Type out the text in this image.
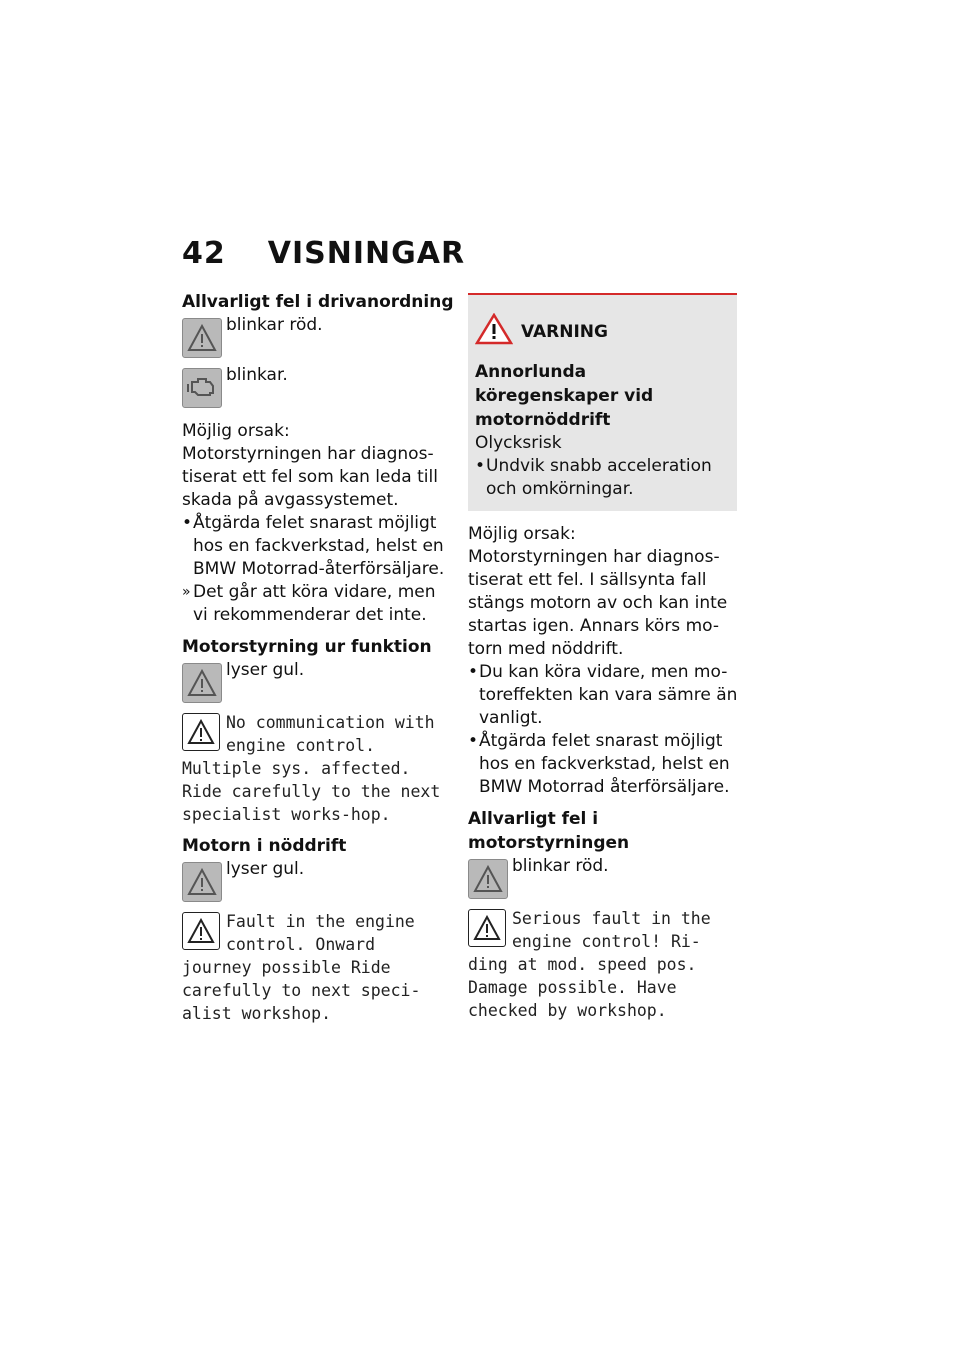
42 VISNINGAR

Allvarligt fel i drivanordning

blinkar röd.
blinkar.

Möjlig orsak:

Motorstyrningen har diagnos-tiserat ett fel som kan leda till skada på avgassystemet.

• Åtgärda felet snarast möjligt hos en fackverkstad, helst en BMW Motorrad-återförsäljare.
» Det går att köra vidare, men vi rekommenderar det inte.

Motorstyrning ur funktion

lyser gul.
No communication with engine control.
Multiple sys. affected. Ride carefully to the next specialist works-hop.

Motorn i nöddrift

lyser gul.
Fault in the engine control. Onward
journey possible Ride carefully to next speci-alist workshop.
VARNING

Annorlunda köregenskaper vid motornöddrift

Olycksrisk

• Undvik snabb acceleration och omkörningar.

Möjlig orsak:

Motorstyrningen har diagnos-tiserat ett fel. I sällsynta fall stängs motorn av och kan inte startas igen. Annars körs mo-torn med nöddrift.

• Du kan köra vidare, men mo-toreffekten kan vara sämre än vanligt.
• Åtgärda felet snarast möjligt hos en fackverkstad, helst en BMW Motorrad återförsäljare.

Allvarligt fel i motorstyrningen

blinkar röd.
Serious fault in the engine control! Ri-
ding at mod. speed pos. Damage possible. Have checked by workshop.
